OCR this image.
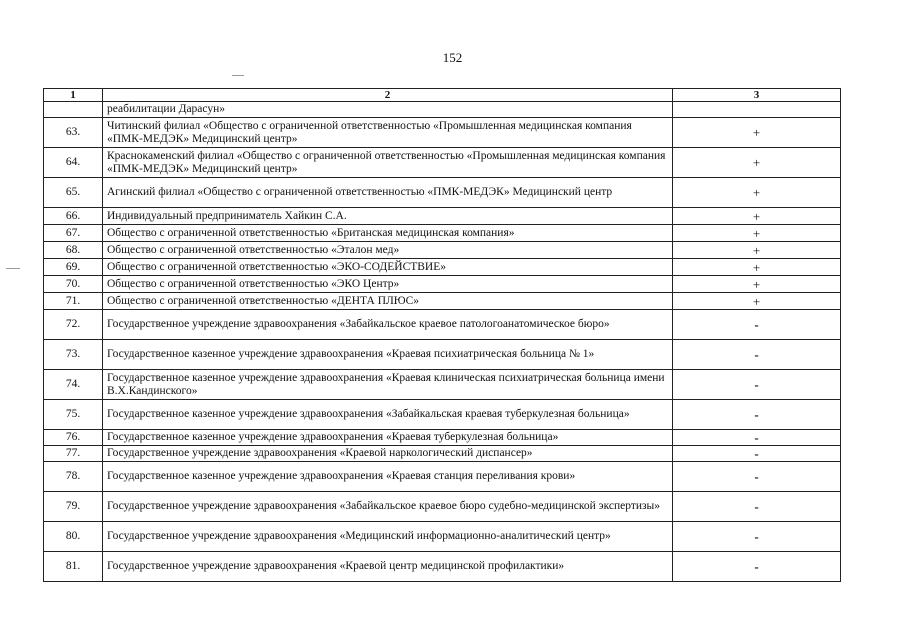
152
1	2	3
	реабилитации Дарасун»	
63.	Читинский филиал «Общество с ограниченной ответственностью «Промышленная медицинская компания «ПМК-МЕДЭК» Медицинский центр»	+
64.	Краснокаменский филиал «Общество с ограниченной ответственностью «Промышленная медицинская компания «ПМК-МЕДЭК» Медицинский центр»	+
65.	Агинский филиал «Общество с ограниченной ответственностью «ПМК-МЕДЭК» Медицинский центр	+
66.	Индивидуальный предприниматель Хайкин С.А.	+
67.	Общество с ограниченной ответственностью «Британская медицинская компания»	+
68.	Общество с ограниченной ответственностью «Эталон мед»	+
69.	Общество с ограниченной ответственностью «ЭКО-СОДЕЙСТВИЕ»	+
70.	Общество с ограниченной ответственностью «ЭКО Центр»	+
71.	Общество с ограниченной ответственностью «ДЕНТА ПЛЮС»	+
72.	Государственное учреждение здравоохранения «Забайкальское краевое патологоанатомическое бюро»	-
73.	Государственное казенное учреждение здравоохранения «Краевая психиатрическая больница № 1»	-
74.	Государственное казенное учреждение здравоохранения «Краевая клиническая психиатрическая больница имени В.Х.Кандинского»	-
75.	Государственное казенное учреждение здравоохранения «Забайкальская краевая туберкулезная больница»	-
76.	Государственное казенное учреждение здравоохранения «Краевая туберкулезная больница»	-
77.	Государственное учреждение здравоохранения «Краевой наркологический диспансер»	-
78.	Государственное казенное учреждение здравоохранения «Краевая станция переливания крови»	-
79.	Государственное учреждение здравоохранения «Забайкальское краевое бюро судебно-медицинской экспертизы»	-
80.	Государственное учреждение здравоохранения «Медицинский информационно-аналитический центр»	-
81.	Государственное учреждение здравоохранения «Краевой центр медицинской профилактики»	-
